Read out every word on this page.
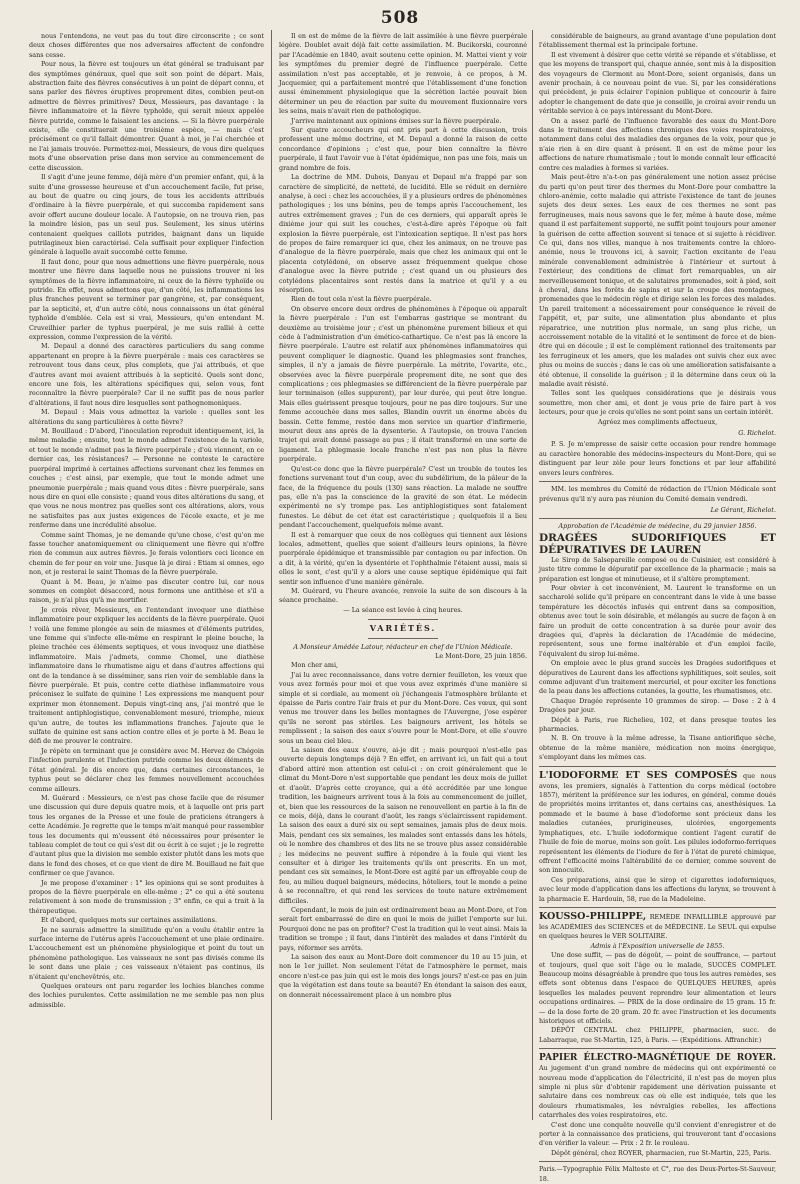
508

nous l'entendons, ne veut pas du tout dire circonscrite ; ce sont deux choses différentes que nos adversaires affectent de confondre sans cesse.

Pour nous, la fièvre est toujours un état général se traduisant par des symptômes généraux, quel que soit son point de départ. Mais, abstraction faite des fièvres consécutives à un point de départ connu, et sans parler des fièvres éruptives proprement dites, combien peut-on admettre de fièvres primitives? Deux, Messieurs, pas davantage : la fièvre inflammatoire et la fièvre typhoïde, qui serait mieux appelée fièvre putride, comme le faisaient les anciens. — Si la fièvre puerpérale existe, elle constituerait une troisième espèce, — mais c'est précisément ce qu'il fallait démontrer. Quant à moi, je l'ai cherchée et ne l'ai jamais trouvée. Permettez-moi, Messieurs, de vous dire quelques mots d'une observation prise dans mon service au commencement de cette discussion.

Il s'agit d'une jeune femme, déjà mère d'un premier enfant, qui, à la suite d'une grossesse heureuse et d'un accouchement facile, fut prise, au bout de quatre ou cinq jours, de tous les accidents attribués d'ordinaire à la fièvre puerpérale, et qui succomba rapidement sans avoir offert aucune douleur locale. A l'autopsie, on ne trouva rien, pas la moindre lésion, pas un seul pus. Seulement, les sinus utérins contenaient quelques caillots putrides, baignant dans un liquide putrilagineux bien caractérisé. Cela suffisait pour expliquer l'infection générale à laquelle avait succombé cette femme.

Il faut donc, pour que nous admettions une fièvre puerpérale, nous montrer une fièvre dans laquelle nous ne puissions trouver ni les symptômes de la fièvre inflammatoire, ni ceux de la fièvre typhoïde ou putride. En effet, nous admettons que, d'un côté, les inflammations les plus franches peuvent se terminer par gangrène, et, par conséquent, par la septicité, et, d'un autre côté, nous connaissons un état général typhoïde d'emblée. Cela est si vrai, Messieurs, qu'en entendant M. Cruveilhier parler de typhus puerpéral, je me suis rallié à cette expression, comme l'expression de la vérité.

M. Depaul a donné des caractères particuliers du sang comme appartenant en propre à la fièvre puerpérale : mais ces caractères se retrouvent tous dans ceux, plus complets, que j'ai attribués, et que d'autres avant moi avaient attribués à la septicité. Quels sont donc, encore une fois, les altérations spécifiques qui, selon vous, font reconnaître la fièvre puerpérale? Car il ne suffit pas de nous parler d'altérations, il faut nous dire lesquelles sont pathognomoniques.

M. Depaul : Mais vous admettez la variole : quelles sont les altérations du sang particulières à cette fièvre?

M. Bouillaud : D'abord, l'inoculation reproduit identiquement, ici, la même maladie ; ensuite, tout le monde admet l'existence de la variole, et tout le monde n'admet pas la fièvre puerpérale ; d'où viennent, en ce dernier cas, les résistances? — Personne ne conteste le caractère puerpéral imprimé à certaines affections survenant chez les femmes en couches ; c'est ainsi, par exemple, que tout le monde admet une pneumonie puerpérale ; mais quand vous dites : fièvre puerpérale, sans nous dire en quoi elle consiste ; quand vous dites altérations du sang, et que vous ne nous montrez pas quelles sont ces altérations, alors, vous ne satisfaites pas aux justes exigences de l'école exacte, et je me renferme dans une incrédulité absolue.

Comme saint Thomas, je ne demande qu'une chose, c'est qu'on me fasse toucher anatomiquement ou cliniquement une fièvre qui n'offre rien de commun aux autres fièvres. Je ferais volontiers ceci licence en chemin de fer pour en voir une. Jusque là je dirai : Etiam si omnes, ego non, et je resterai le saint Thomas de la fièvre puerpérale.

Quant à M. Beau, je n'aime pas discuter contre lui, car nous sommes en complet désaccord, nous formons une antithèse et s'il a raison, je n'ai plus qu'à me mortifier.

Je crois rêver, Messieurs, en l'entendant invoquer une diathèse inflammatoire pour expliquer les accidents de la fièvre puerpérale. Quoi ! voilà une femme plongée au sein de miasmes et d'éléments putrides, une femme qui s'infecte elle-même en respirant le pleine bouche, la pleine trachée ces éléments septiques, et vous invoquez une diathèse inflammatoire. Mais j'admets, comme Chomel, une diathèse inflammatoire dans le rhumatisme aigu et dans d'autres affections qui ont de la tendance à se disséminer, sans rien voir de semblable dans la fièvre puerpérale. Et puis, contre cette diathèse inflammatoire vous préconisez le sulfate de quinine ! Les expressions me manquent pour exprimer mon étonnement. Depuis vingt-cinq ans, j'ai montré que le traitement antiphlogistique, convenablement mesuré, triomphe, mieux qu'un autre, de toutes les inflammations franches. J'ajoute que le sulfate de quinine est sans action contre elles et je porte à M. Beau le défi de me prouver le contraire.

Je répète en terminant que je considère avec M. Hervez de Chégoin l'infection purulente et l'infection putride comme les deux éléments de l'état général. Je dis encore que, dans certaines circonstances, le typhus peut se déclarer chez les femmes nouvellement accouchées comme ailleurs.

M. Guérard : Messieurs, ce n'est pas chose facile que de résumer une discussion qui dure depuis quatre mois, et à laquelle ont pris part tous les organes de la Presse et une foule de praticiens étrangers à cette Académie. Je regrette que le temps m'ait manqué pour rassembler tous les documents qui m'eussent été nécessaires pour présenter le tableau complet de tout ce qui s'est dit ou écrit à ce sujet ; je le regrette d'autant plus que la division me semble exister plutôt dans les mots que dans le fond des choses, et ce que vient de dire M. Bouillaud ne fait que confirmer ce que j'avance.

Je me propose d'examiner : 1° les opinions qui se sont produites à propos de la fièvre puerpérale en elle-même ; 2° ce qui a été soutenu relativement à son mode de transmission ; 3° enfin, ce qui a trait à la thérapeutique.

Et d'abord, quelques mots sur certaines assimilations.

Je ne saurais admettre la similitude qu'on a voulu établir entre la surface interne de l'utérus après l'accouchement et une plaie ordinaire. L'accouchement est un phénomène physiologique et point du tout un phénomène pathologique. Les vaisseaux ne sont pas divisés comme ils le sont dans une plaie ; ces vaisseaux n'étaient pas continus, ils n'étaient qu'enchevêtrés, etc.

Quelques orateurs ont paru regarder les lochies blanches comme des lochies purulentes. Cette assimilation ne me semble pas non plus admissible.

Il en est de même de la fièvre de lait assimilée à une fièvre puerpérale légère. Doublet avait déjà fait cette assimilation. M. Bucikorski, couronné par l'Académie en 1840, avait soutenu cette opinion. M. Mattei vient y voir les symptômes du premier degré de l'influence puerpérale. Cette assimilation n'est pas acceptable, et je renvoie, à ce propos, à M. Jacquemier, qui a parfaitement montré que l'établissement d'une fonction aussi éminemment physiologique que la sécrétion lactée pouvait bien déterminer un peu de réaction par suite du mouvement fluxionnaire vers les seins, mais n'avait rien de pathologique.

J'arrive maintenant aux opinions émises sur la fièvre puerpérale.

Sur quatre accoucheurs qui ont pris part à cette discussion, trois professent une même doctrine, et M. Depaul a donné la raison de cette concordance d'opinions ; c'est que, pour bien connaître la fièvre puerpérale, il faut l'avoir vue à l'état épidémique, non pas une fois, mais un grand nombre de fois.

La doctrine de MM. Dubois, Danyau et Depaul m'a frappé par son caractère de simplicité, de netteté, de lucidité. Elle se réduit en dernière analyse, à ceci : chez les accouchées, il y a plusieurs ordres de phénomènes pathologiques ; les uns bénins, peu de temps après l'accouchement, les autres extrêmement graves ; l'un de ces derniers, qui apparaît après le dixième jour qui suit les couches, c'est-à-dire après l'époque où fait explosion la fièvre puerpérale, est l'intoxication septique. Il n'est pas hors de propos de faire remarquer ici que, chez les animaux, on ne trouve pas d'analogue de la fièvre puerpérale, mais que chez les animaux qui ont le placenta cotylédoné, on observe assez fréquemment quelque chose d'analogue avec la fièvre putride ; c'est quand un ou plusieurs des cotylédons placentaires sont restés dans la matrice et qu'il y a eu résorption.

Rien de tout cela n'est la fièvre puerpérale.

On observe encore deux ordres de phénomènes à l'époque où apparaît la fièvre puerpérale : l'un est l'embarras gastrique se montrant du deuxième au troisième jour ; c'est un phénomène purement bilieux et qui cède à l'administration d'un émético-cathartique. Ce n'est pas là encore la fièvre puerpérale. L'autre est relatif aux phénomènes inflammatoires qui peuvent compliquer le diagnostic. Quand les phlegmasies sont franches, simples, il n'y a jamais de fièvre puerpérale. La métrite, l'ovarite, etc., observées avec la fièvre puerpérale proprement dite, ne sont que des complications ; ces phlegmasies se différencient de la fièvre puerpérale par leur terminaison (elles suppurent), par leur durée, qui peut être longue. Mais elles guérissent presque toujours, pour ne pas dire toujours. Sur une femme accouchée dans mes salles, Blandin ouvrit un énorme abcès du bassin. Cette femme, restée dans mon service un quartier d'infirmerie, mourut deux ans après de la dysenterie. A l'autopsie, on trouva l'ancien trajet qui avait donné passage au pus ; il était transformé en une sorte de ligament. La phlegmasie locale franche n'est pas non plus la fièvre puerpérale.

Qu'est-ce donc que la fièvre puerpérale? C'est un trouble de toutes les fonctions survenant tout d'un coup, avec du subdélirium, de la pâleur de la face, de la fréquence du pouls (130) sans réaction. La malade ne souffre pas, elle n'a pas la conscience de la gravité de son état. Le médecin expérimenté ne s'y trompe pas. Les antiphlogistiques sont fatalement funestes. Le début de cet état est caractéristique ; quelquefois il a lieu pendant l'accouchement, quelquefois même avant.

Il est à remarquer que ceux de nos collègues qui tiennent aux lésions locales, admettent, quelles que soient d'ailleurs leurs opinions, la fièvre puerpérale épidémique et transmissible par contagion ou par infection. On a dit, à la vérité, qu'en la dysentérie et l'ophthalmie l'étaient aussi, mais si elles le sont, c'est qu'il y a alors une cause septique épidémique qui fait sentir son influence d'une manière générale.

M. Guérard, vu l'heure avancée, renvoie la suite de son discours à la séance prochaine.

— La séance est levée à cinq heures.

VARIÉTÉS.

A Monsieur Amédée Latour, rédacteur en chef de l'Union Médicale.

Le Mont-Dore, 25 juin 1856.

Mon cher ami,

J'ai lu avec reconnaissance, dans votre dernier feuilleton, les vœux que vous avez formés pour moi et que vous avez exprimés d'une manière si simple et si cordiale, au moment où j'échangeais l'atmosphère brûlante et épaisse de Paris contre l'air frais et pur du Mont-Dore. Ces vœux, qui sont venus me trouver dans les belles montagnes de l'Auvergne, j'ose espérer qu'ils ne seront pas stériles. Les baigneurs arrivent, les hôtels se remplissent ; la saison des eaux s'ouvre pour le Mont-Dore, et elle s'ouvre sous un beau ciel bleu.

La saison des eaux s'ouvre, ai-je dit ; mais pourquoi n'est-elle pas ouverte depuis longtemps déjà ? En effet, en arrivant ici, un fait qui a tout d'abord attiré mon attention est celui-ci : on croit généralement que le climat du Mont-Dore n'est supportable que pendant les deux mois de juillet et d'août. D'après cette croyance, qui a été accréditée par une longue tradition, les baigneurs arrivent tous à la fois au commencement de juillet, et, bien que les ressources de la saison ne renouvellent en partie à la fin de ce mois, déjà, dans le courant d'août, les rangs s'éclaircissent rapidement. La saison des eaux a duré six ou sept semaines, jamais plus de deux mois. Mais, pendant ces six semaines, les malades sont entassés dans les hôtels, où le nombre des chambres et des lits ne se trouve plus assez considérable ; les médecins ne peuvent suffire à répondre à la foule qui vient les consulter et à diriger les traitements qu'ils ont prescrits. En un mot, pendant ces six semaines, le Mont-Dore est agité par un effroyable coup de feu, au milieu duquel baigneurs, médecins, hôteliers, tout le monde a peine à se reconnaître, et qui rend les services de toute nature extrêmement difficiles.

Cependant, le mois de juin est ordinairement beau au Mont-Dore, et l'on serait fort embarrassé de dire en quoi le mois de juillet l'emporte sur lui. Pourquoi donc ne pas en profiter? C'est la tradition qui le veut ainsi. Mais la tradition se trompe ; il faut, dans l'intérêt des malades et dans l'intérêt du pays, réformer ses arrêts.

La saison des eaux au Mont-Dore doit commencer du 10 au 15 juin, et non le 1er juillet. Non seulement l'état de l'atmosphère le permet, mais encore n'est-ce pas juin qui est le mois des longs jours? n'est-ce pas en juin que la végétation est dans toute sa beauté? En étendant la saison des eaux, on donnerait nécessairement place à un nombre plus

considérable de baigneurs, au grand avantage d'une population dont l'établissement thermal est la principale fortune.

Il est vivement à désirer que cette vérité se répande et s'établisse, et que les moyens de transport qui, chaque année, sont mis à la disposition des voyageurs de Clermont au Mont-Dore, soient organisés, dans un avenir prochain, à ce nouveau point de vue. Si, par les considérations qui précèdent, je puis éclairer l'opinion publique et concourir à faire adopter le changement de date que je conseille, je croirai avoir rendu un véritable service à ce pays intéressant du Mont-Dore.

On a assez parlé de l'influence favorable des eaux du Mont-Dore dans le traitement des affections chroniques des voies respiratoires, notamment dans celui des maladies des organes de la voix, pour que je n'aie rien à en dire quant à présent. Il en est de même pour les affections de nature rhumatismale ; tout le monde connaît leur efficacité contre ces maladies à formes si variées.

Mais peut-être n'a-t-on pas généralement une notion assez précise du parti qu'on peut tirer des thermes du Mont-Dore pour combattre la chloro-anémie, cette maladie qui attriste l'existence de tant de jeunes sujets des deux sexes. Les eaux de ces thermes ne sont pas ferrugineuses, mais nous savons que le fer, même à haute dose, même quand il est parfaitement supporté, ne suffit point toujours pour amener la guérison de cette affection souvent si tenace et si sujette à récidiver. Ce qui, dans nos villes, manque à nos traitements contre la chloro-anémie, nous le trouvons ici, à savoir, l'action excitante de l'eau minérale convenablement administrée à l'intérieur et surtout à l'extérieur, des conditions de climat fort remarquables, un air merveilleusement tonique, et de salutaires promenades, soit à pied, soit à cheval, dans les forêts de sapins et sur la croupe des montagnes, promenades que le médecin règle et dirige selon les forces des malades. Un pareil traitement a nécessairement pour conséquence le réveil de l'appétit, et, par suite, une alimentation plus abondante et plus réparatrice, une nutrition plus normale, un sang plus riche, un accroissement notable de la vitalité et le sentiment de force et de bien-être qui en découle ; il est le complément rationnel des traitements par les ferrugineux et les amers, que les malades ont suivis chez eux avec plus ou moins de succès ; dans le cas où une amélioration satisfaisante a été obtenue, il consolide la guérison ; il la détermine dans ceux où la maladie avait résisté.

Telles sont les quelques considérations que je désirais vous soumettre, mon cher ami, et dont je vous prie de faire part à vos lecteurs, pour que je crois qu'elles ne sont point sans un certain intérêt.

Agréez mes compliments affectueux,

G. Richelot.

P. S. Je m'empresse de saisir cette occasion pour rendre hommage au caractère honorable des médecins-inspecteurs du Mont-Dore, qui se distinguent par leur zèle pour leurs fonctions et par leur affabilité envers leurs confrères.

MM. les membres du Comité de rédaction de l'Union Médicale sont prévenus qu'il n'y aura pas réunion du Comité demain vendredi.

Le Gérant, Richelot.

Approbation de l'Académie de médecine, du 29 janvier 1856.

DRAGÉES SUDORIFIQUES ET DÉPURATIVES DE LAUREN

Le Sirop de Salsepareille composé ou de Cuisinier, est considéré à juste titre comme le dépuratif par excellence de la pharmacie ; mais sa préparation est longue et minutieuse, et il s'altère promptement.

Pour obvier à cet inconvénient, M. Laurent le transforme en un saccharolé solide qu'il prépare en concentrant dans le vide à une basse température les décoctés infusés qui entrent dans sa composition, obtenus avec tout le soin désirable, et mélangés au sucre de façon à en faire un produit de cette concentration à sa durée pour avoir des dragées qui, d'après la déclaration de l'Académie de médecine, représentent, sous une forme inaltérable et d'un emploi facile, l'équivalent du sirop lui-même.

On emploie avec le plus grand succès les Dragées sudorifiques et dépuratives de Laurent dans les affections syphilitiques, soit seules, soit comme adjuvant d'un traitement mercuriel, et pour exciter les fonctions de la peau dans les affections cutanées, la goutte, les rhumatismes, etc.

Chaque Dragée représente 10 grammes de sirop. — Dose : 2 à 4 Dragées par jour.

Dépôt à Paris, rue Richelieu, 102, et dans presque toutes les pharmacies.

N. B. On trouve à la même adresse, la Tisane antiorifique sèche, obtenue de la même manière, médication non moins énergique, s'employant dans les mêmes cas.

L'IODOFORME ET SES COMPOSÉS que nous avons, les premiers, signalés à l'attention du corps médical (octobre 1857), méritent la préférence sur les iodures, en général, comme doués de propriétés moins irritantes et, dans certains cas, anesthésiques. La pommade et le baume à base d'iodoforme sont précieux dans les maladies cutanées, prurigineuses, ulcérées, engorgements lymphatiques, etc. L'huile iodoformique contient l'agent curatif de l'huile de foie de morue, moins son goût. Les pilules iodoformo-ferriques représentent les éléments de l'iodure de fer à l'état de pureté chimique, offrent l'efficacité moins l'altérabilité de ce dernier, comme souvent de son innocuité.

Ces préparations, ainsi que le sirop et cigarettes iodoformiques, avec leur mode d'application dans les affections du larynx, se trouvent à la pharmacie E. Hardouin, 58, rue de la Madeleine.

KOUSSO-PHILIPPE, REMÈDE INFAILLIBLE approuvé par les ACADÉMIES des SCIENCES et de MÉDECINE. Le SEUL qui expulse en quelques heures le VER SOLITAIRE.

Admis à l'Exposition universelle de 1855.

Une dose suffit, — pas de dégoût, — point de souffrance, — partout et toujours, quel que soit l'âge ou le malade, SUCCÈS COMPLET. Beaucoup moins désagréable à prendre que tous les autres remèdes, ses effets sont obtenus dans l'espace de QUELQUES HEURES, après lesquelles les malades peuvent reprendre leur alimentation et leurs occupations ordinaires. — PRIX de la dose ordinaire de 15 gram. 15 fr. — de la dose forte de 20 gram. 20 fr. avec l'instruction et les documents historiques et officiels.

DÉPÔT CENTRAL chez PHILIPPE, pharmacien, succ. de Labarraque, rue St-Martin, 125, à Paris. — (Expéditions. Affranchir.)

PAPIER ÉLECTRO-MAGNÉTIQUE DE ROYER. Au jugement d'un grand nombre de médecins qui ont expérimenté ce nouveau mode d'application de l'électricité, il n'est pas de moyen plus simple ni plus sûr d'obtenir rapidement une dérivation puissante et salutaire dans ces nombreux cas où elle est indiquée, tels que les douleurs rhumatismales, les névralgies rebelles, les affections catarrhales des voies respiratoires, etc.

C'est donc une conquête nouvelle qu'il convient d'enregistrer et de porter à la connaissance des praticiens, qui trouveront tant d'occasions d'en vérifier la valeur. — Prix : 2 fr. le rouleau.

Dépôt général, chez ROYER, pharmacien, rue St-Martin, 225, Paris.

Paris.—Typographie Félix Malteste et C°, rue des Deux-Portes-St-Sauveur, 18.
